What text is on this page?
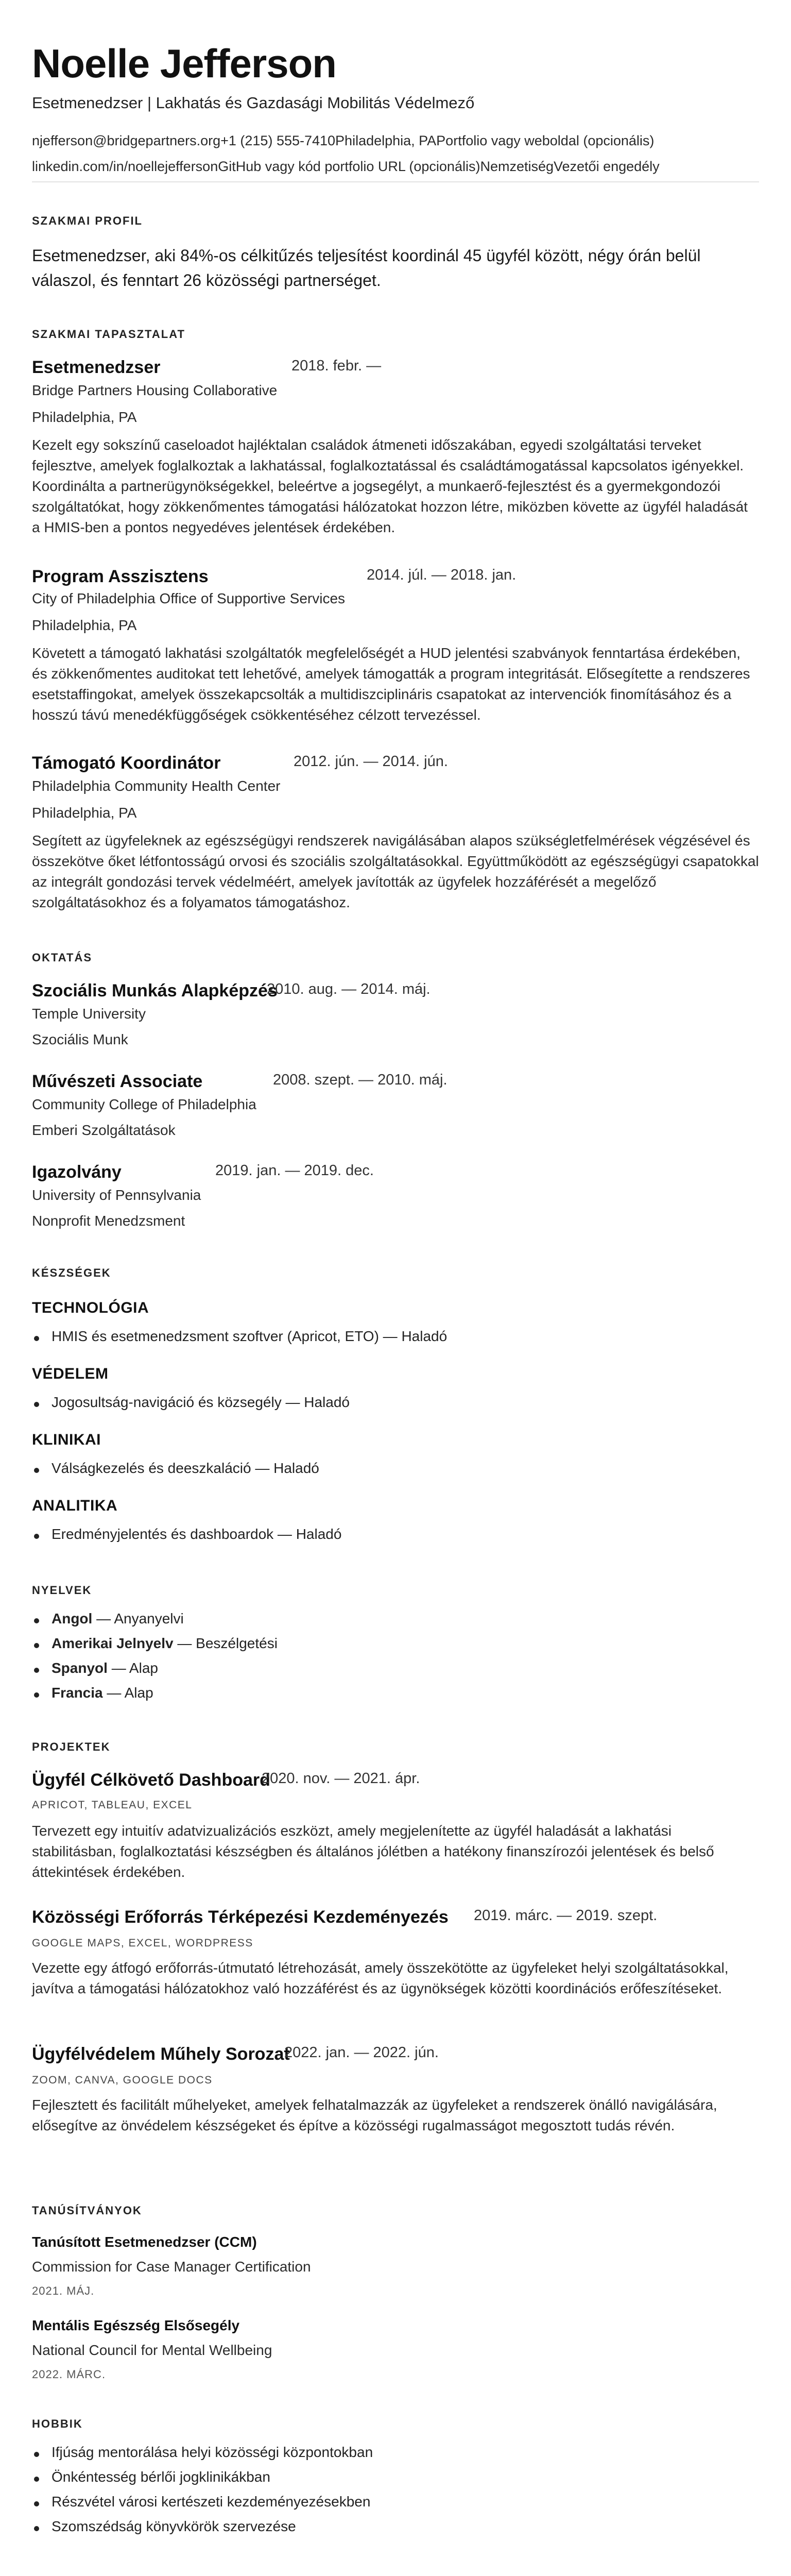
Noelle Jefferson
Esetmenedzser | Lakhatás és Gazdasági Mobilitás Védelmező
njefferson@bridgepartners.org+1 (215) 555-7410Philadelphia, PAPortfolio vagy weboldal (opcionális)
linkedin.com/in/noellejeffersonGitHub vagy kód portfolio URL (opcionális)NemzetiségVezetői engedély
SZAKMAI PROFIL
Esetmenedzser, aki 84%-os célkitűzés teljesítést koordinál 45 ügyfél között, négy órán belül válaszol, és fenntart 26 közösségi partnerséget.
SZAKMAI TAPASZTALAT
Esetmenedzser	2018. febr. —
Bridge Partners Housing Collaborative
Philadelphia, PA
Kezelt egy sokszínű caseloadot hajléktalan családok átmeneti időszakában, egyedi szolgáltatási terveket fejlesztve, amelyek foglalkoztak a lakhatással, foglalkoztatással és családtámogatással kapcsolatos igényekkel. Koordinálta a partnerügynökségekkel, beleértve a jogsegélyt, a munkaerő-fejlesztést és a gyermekgondozói szolgáltatókat, hogy zökkenőmentes támogatási hálózatokat hozzon létre, miközben követte az ügyfél haladását a HMIS-ben a pontos negyedéves jelentések érdekében.
Program Asszisztens	2014. júl. — 2018. jan.
City of Philadelphia Office of Supportive Services
Philadelphia, PA
Követett a támogató lakhatási szolgáltatók megfelelőségét a HUD jelentési szabványok fenntartása érdekében, és zökkenőmentes auditokat tett lehetővé, amelyek támogatták a program integritását. Elősegítette a rendszeres esetstaffingokat, amelyek összekapcsolták a multidiszciplináris csapatokat az intervenciók finomításához és a hosszú távú menedékfüggőségek csökkentéséhez célzott tervezéssel.
Támogató Koordinátor	2012. jún. — 2014. jún.
Philadelphia Community Health Center
Philadelphia, PA
Segített az ügyfeleknek az egészségügyi rendszerek navigálásában alapos szükségletfelmérések végzésével és összekötve őket létfontosságú orvosi és szociális szolgáltatásokkal. Együttműködött az egészségügyi csapatokkal az integrált gondozási tervek védelméért, amelyek javították az ügyfelek hozzáférését a megelőző szolgáltatásokhoz és a folyamatos támogatáshoz.
OKTATÁS
Szociális Munkás Alapképzés
2010. aug. — 2014. máj.
Temple University
Szociális Munk
Művészeti Associate	2008. szept. — 2010. máj.
Community College of Philadelphia
Emberi Szolgáltatások
Igazolvány	2019. jan. — 2019. dec.
University of Pennsylvania
Nonprofit Menedzsment
KÉSZSÉGEK
TECHNOLÓGIA
HMIS és esetmenedzsment szoftver (Apricot, ETO) — Haladó
VÉDELEM
Jogosultság-navigáció és közsegély — Haladó
KLINIKAI
Válságkezelés és deeszkaláció — Haladó
ANALITIKA
Eredményjelentés és dashboardok — Haladó
NYELVEK
Angol — Anyanyelvi
Amerikai Jelnyelv — Beszélgetési
Spanyol — Alap
Francia — Alap
PROJEKTEK
Ügyfél Célkövető Dashboard
2020. nov. — 2021. ápr.
APRICOT, TABLEAU, EXCEL
Tervezett egy intuitív adatvizualizációs eszközt, amely megjelenítette az ügyfél haladását a lakhatási stabilitásban, foglalkoztatási készségben és általános jólétben a hatékony finanszírozói jelentések és belső áttekintések érdekében.
Közösségi Erőforrás Térképezési Kezdeményezés 2019. márc. — 2019. szept.
GOOGLE MAPS, EXCEL, WORDPRESS
Vezette egy átfogó erőforrás-útmutató létrehozását, amely összekötötte az ügyfeleket helyi szolgáltatásokkal, javítva a támogatási hálózatokhoz való hozzáférést és az ügynökségek közötti koordinációs erőfeszítéseket.
Ügyfélvédelem Műhely Sorozat
2022. jan. — 2022. jún.
ZOOM, CANVA, GOOGLE DOCS
Fejlesztett és facilitált műhelyeket, amelyek felhatalmazzák az ügyfeleket a rendszerek önálló navigálására, elősegítve az önvédelem készségeket és építve a közösségi rugalmasságot megosztott tudás révén.
TANÚSÍTVÁNYOK
Tanúsított Esetmenedzser (CCM)
Commission for Case Manager Certification
2021. MÁJ.
Mentális Egészség Elsősegély
National Council for Mental Wellbeing
2022. MÁRC.
HOBBIK
Ifjúság mentorálása helyi közösségi központokban
Önkéntesség bérlői jogklinikákban
Részvétel városi kertészeti kezdeményezésekben
Szomszédság könyvkörök szervezése
